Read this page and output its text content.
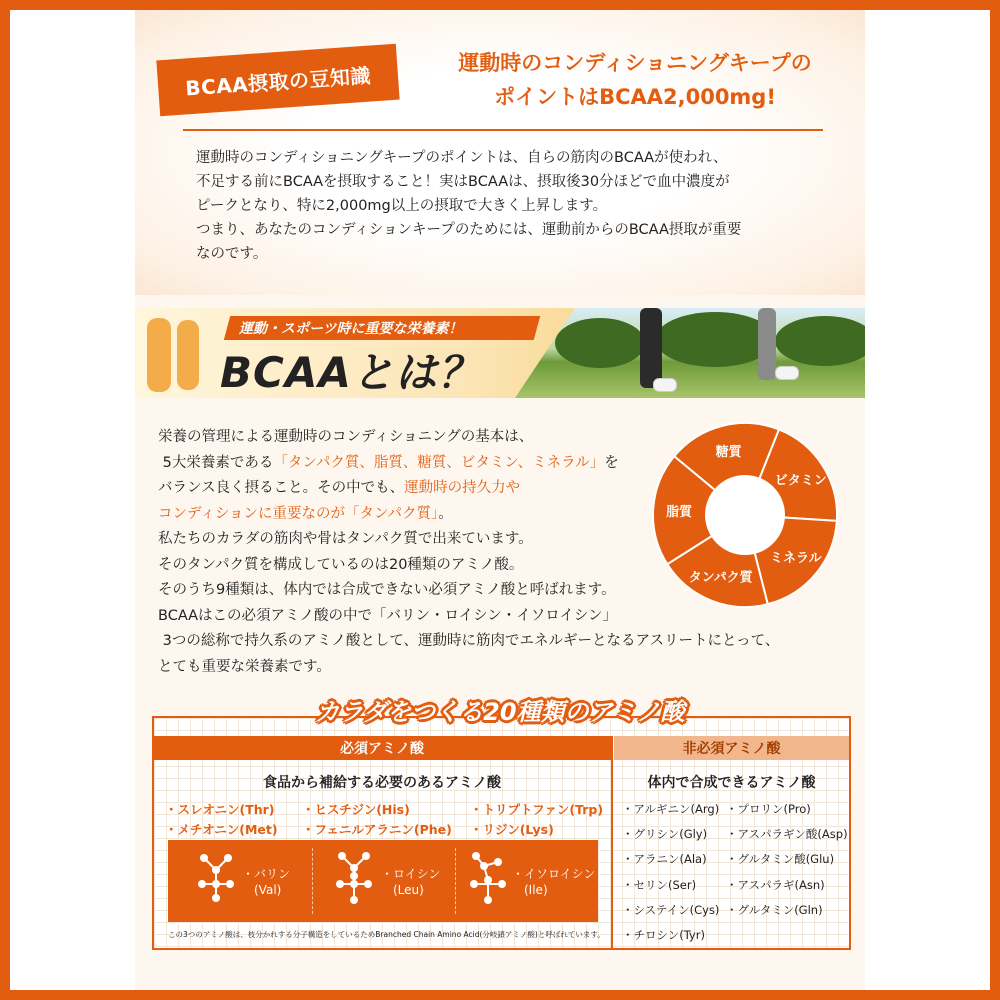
BCAA摂取の豆知識
運動時のコンディショニングキープの
ポイントはBCAA2,000mg!

運動時のコンディショニングキープのポイントは、自らの筋肉のBCAAが使われ、

不足する前にBCAAを摂取すること！実はBCAAは、摂取後30分ほどで血中濃度が

ピークとなり、特に2,000mg以上の摂取で大きく上昇します。

つまり、あなたのコンディションキープのためには、運動前からのBCAA摂取が重要

なのです。

運動・スポーツ時に重要な栄養素！
BCAAとは？

栄養の管理による運動時のコンディショニングの基本は、

5大栄養素である「タンパク質、脂質、糖質、ビタミン、ミネラル」を

バランス良く摂ること。その中でも、運動時の持久力や

コンディションに重要なのが「タンパク質」。

私たちのカラダの筋肉や骨はタンパク質で出来ています。

そのタンパク質を構成しているのは20種類のアミノ酸。

そのうち9種類は、体内では合成できない必須アミノ酸と呼ばれます。

BCAAはこの必須アミノ酸の中で「バリン・ロイシン・イソロイシン」

3つの総称で持久系のアミノ酸として、運動時に筋肉でエネルギーとなるアスリートにとって、

とても重要な栄養素です。

糖質
ビタミン
ミネラル
タンパク質
脂質
カラダをつくる20種類のアミノ酸
必須アミノ酸	非必須アミノ酸
食品から補給する必要のあるアミノ酸	体内で合成できるアミノ酸
・スレオニン(Thr) ・ヒスチジン(His)	・トリプトファン(Trp)
・メチオニン(Met) ・フェニルアラニン(Phe) ・リジン(Lys)
・バリン
(Val)
・ロイシン
(Leu)
・イソロイシン
(Ile)
この3つのアミノ酸は、枝分かれする分子構造をしているためBranched Chain Amino Acid(分岐鎖アミノ酸)と呼ばれています。
・アルギニン(Arg) ・プロリン(Pro)
・グリシン(Gly) ・アスパラギン酸(Asp)
・アラニン(Ala) ・グルタミン酸(Glu)
・セリン(Ser)	・アスパラギ(Asn)
・システイン(Cys) ・グルタミン(Gln)
・チロシン(Tyr)
